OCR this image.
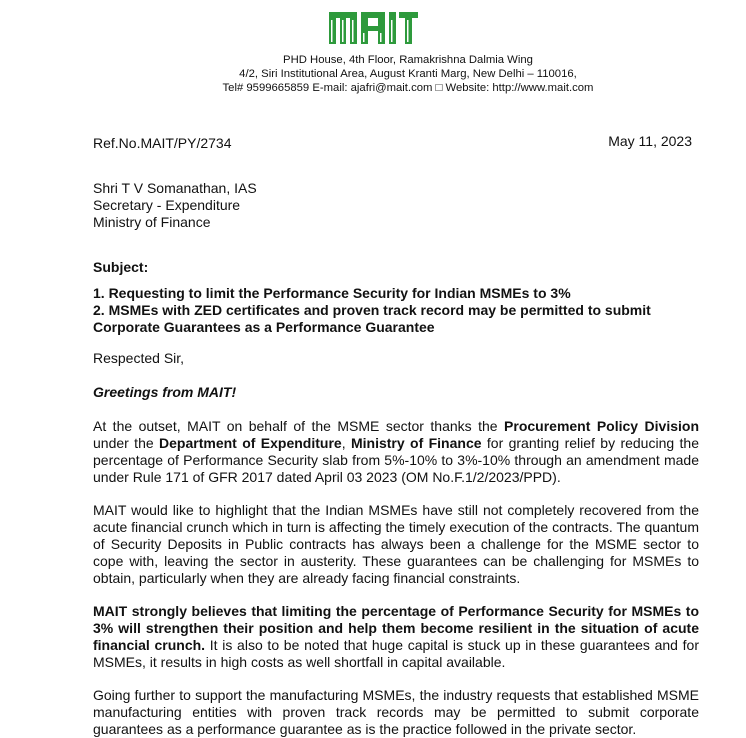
PHD House, 4th Floor, Ramakrishna Dalmia Wing
4/2, Siri Institutional Area, August Kranti Marg, New Delhi – 110016,
Tel# 9599665859 E-mail: ajafri@mait.com □ Website: http://www.mait.com
Ref.No.MAIT/PY/2734	May 11, 2023
Shri T V Somanathan, IAS
Secretary - Expenditure
Ministry of Finance
Subject:
1. Requesting to limit the Performance Security for Indian MSMEs to 3%
2. MSMEs with ZED certificates and proven track record may be permitted to submit Corporate Guarantees as a Performance Guarantee
Respected Sir,
Greetings from MAIT!
At the outset, MAIT on behalf of the MSME sector thanks the Procurement Policy Division under the Department of Expenditure, Ministry of Finance for granting relief by reducing the percentage of Performance Security slab from 5%-10% to 3%-10% through an amendment made under Rule 171 of GFR 2017 dated April 03 2023 (OM No.F.1/2/2023/PPD).
MAIT would like to highlight that the Indian MSMEs have still not completely recovered from the acute financial crunch which in turn is affecting the timely execution of the contracts. The quantum of Security Deposits in Public contracts has always been a challenge for the MSME sector to cope with, leaving the sector in austerity. These guarantees can be challenging for MSMEs to obtain, particularly when they are already facing financial constraints.
MAIT strongly believes that limiting the percentage of Performance Security for MSMEs to 3% will strengthen their position and help them become resilient in the situation of acute financial crunch. It is also to be noted that huge capital is stuck up in these guarantees and for MSMEs, it results in high costs as well shortfall in capital available.
Going further to support the manufacturing MSMEs, the industry requests that established MSME manufacturing entities with proven track records may be permitted to submit corporate guarantees as a performance guarantee as is the practice followed in the private sector.
